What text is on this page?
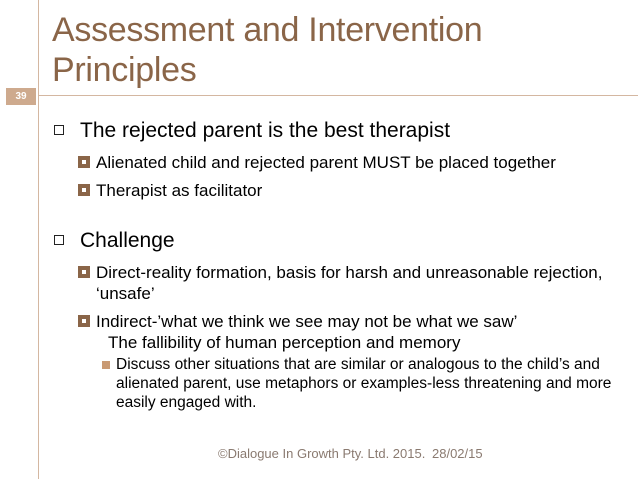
39
Assessment and Intervention Principles
The rejected parent is the best therapist
Alienated child and rejected parent MUST be placed together
Therapist as facilitator
Challenge
Direct-reality formation, basis for harsh and unreasonable rejection, ‘unsafe’
Indirect-’what we think we see may not be what we saw’
The fallibility of human perception and memory
Discuss other situations that are similar or analogous to the child’s and alienated parent, use metaphors or examples-less threatening and more easily engaged with.
©Dialogue In Growth Pty. Ltd. 2015. 28/02/15
